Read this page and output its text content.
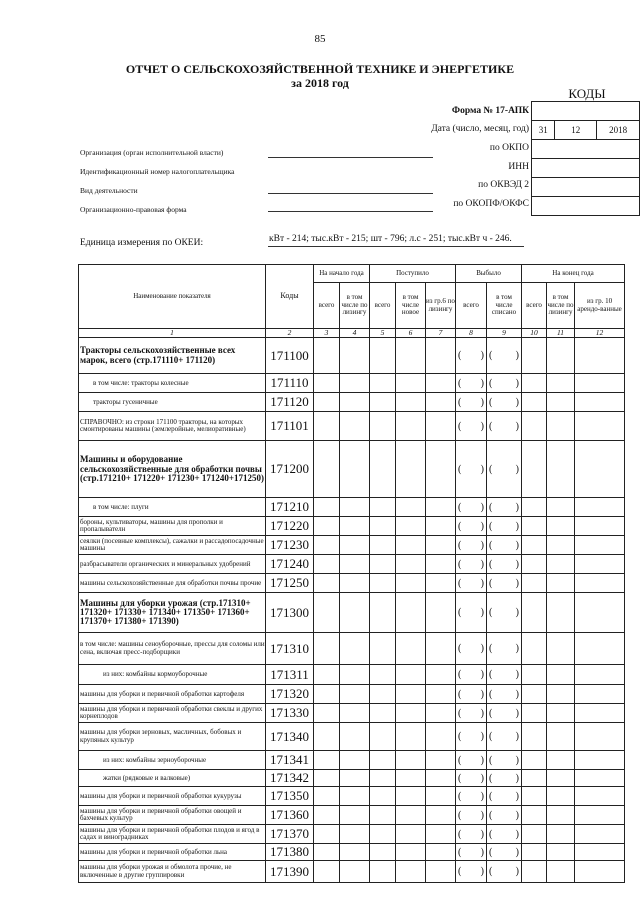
85
ОТЧЕТ О СЕЛЬСКОХОЗЯЙСТВЕННОЙ ТЕХНИКЕ И ЭНЕРГЕТИКЕ
за 2018 год
КОДЫ

31	12	2018

Форма № 17-АПК
Дата (число, месяц, год)
по ОКПО
ИНН
по ОКВЭД 2
по ОКОПФ/ОКФС
Организация (орган исполнительной власти)
Идентификационный номер налогоплательщика
Вид деятельности
Организационно-правовая форма
Единица измерения по ОКЕИ:	кВт - 214; тыс.кВт - 215; шт - 796; л.с - 251; тыс.кВт ч - 246.
Наименование показателя	Коды	На начало года		Поступило			Выбыло		На конец года		
		всего	в том числе по лизингу	всего	в том числе новое	из гр.6 по лизингу	всего	в том числе списано	всего	в том числе по лизингу	из гр. 10 арендо-ванные
1	2	3	4	5	6	7	8	9	10	11	12
Тракторы сельскохозяйственные всех марок, всего (стр.171110+ 171120)	171100						( )	( )			

в том числе: тракторы колесные	171110						( )	( )			

тракторы гусеничные	171120						( )	( )			

СПРАВОЧНО: из строки 171100 тракторы, на которых смонтированы машины (землеройные, мелиоративные)	171101						( )	( )			

Машины и оборудование сельскохозяйственные для обработки почвы (стр.171210+ 171220+ 171230+ 171240+171250)	171200						( )	( )			

в том числе: плуги	171210						( )	( )			

бороны, культиваторы, машины для прополки и пропалывателн	171220						( )	( )			

сеялки (посевные комплексы), сажалки и рассадопосадочные машины	171230						( )	( )			

разбрасыватели органических и минеральных удобрений	171240						( )	( )			

машины сельскохозяйственные для обработки почвы прочие	171250						( )	( )			

Машины для уборки урожая (стр.171310+ 171320+ 171330+ 171340+ 171350+ 171360+ 171370+ 171380+ 171390)	171300						( )	( )			

в том числе: машины сеноуборочные, прессы для соломы или сена, включая пресс-подборщики	171310						( )	( )			

из них: комбайны кормоуборочные	171311						( )	( )			

машины для уборки и первичной обработки картофеля	171320						( )	( )			

машины для уборки и первичной обработки свеклы и других корнеплодов	171330						( )	( )			

машины для уборки зерновых, масличных, бобовых и крупяных культур	171340						( )	( )			

из них: комбайны зерноуборочные	171341						( )	( )			

жатки (рядковые и валковые)	171342						( )	( )			

машины для уборки и первичной обработки кукурузы	171350						( )	( )			

машины для уборки и первичной обработки овощей и бахчевых культур	171360						( )	( )			

машины для уборки и первичной обработки плодов и ягод в садах и виноградниках	171370						( )	( )			

машины для уборки и первичной обработки льна	171380						( )	( )			

машины для уборки урожая и обмолота прочие, не включенные в другие группировки	171390						( )	( )			
